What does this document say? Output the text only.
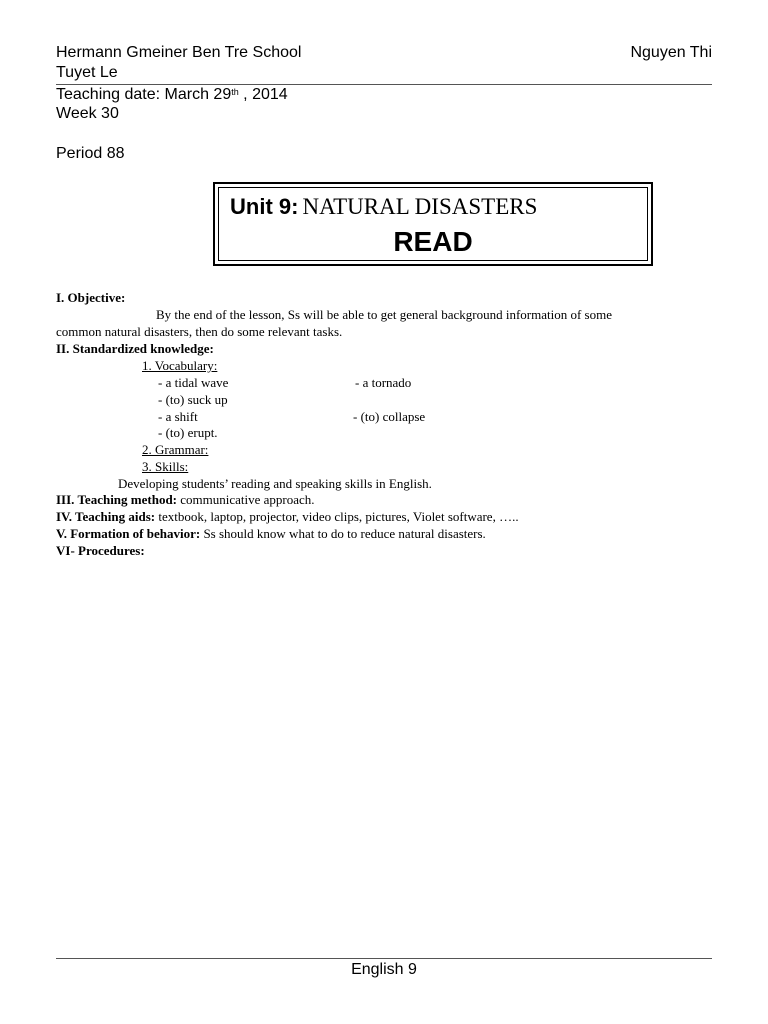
Hermann Gmeiner Ben Tre School	Nguyen Thi
Tuyet Le
Teaching date: March 29th , 2014
Week 30
Period 88
Unit 9: NATURAL DISASTERS
READ
I. Objective:
By the end of the lesson, Ss will be able to get general background information of some
common natural disasters, then do some relevant tasks.
II. Standardized knowledge:
1. Vocabulary:
- a tidal wave	- a tornado
- (to) suck up
- a shift	- (to) collapse
- (to) erupt.
2. Grammar:
3. Skills:
Developing students’ reading and speaking skills in English.
III. Teaching method: communicative approach.
IV. Teaching aids: textbook, laptop, projector, video clips, pictures, Violet software, …..
V. Formation of behavior: Ss should know what to do to reduce natural disasters.
VI- Procedures:
English 9
